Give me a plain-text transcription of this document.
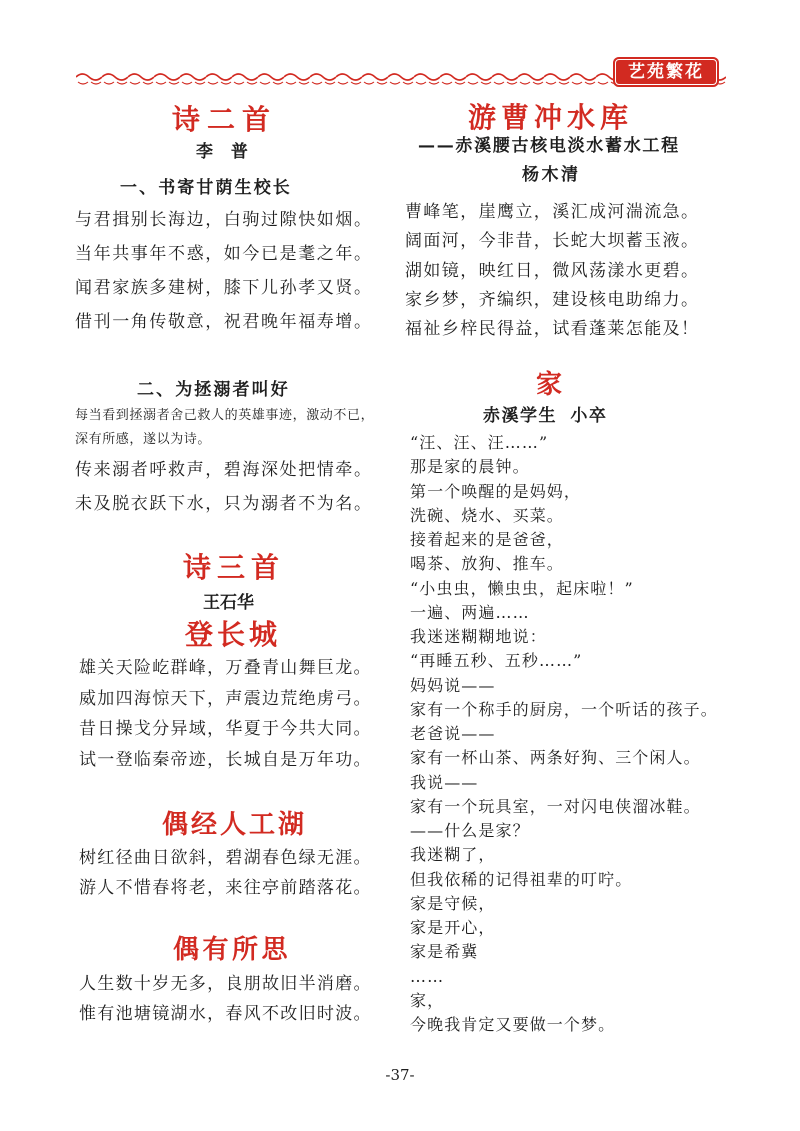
艺苑繁花
诗二首
李 普
一、书寄甘荫生校长
与君揖别长海边，白驹过隙快如烟。
当年共事年不惑，如今已是耄之年。
闻君家族多建树，膝下儿孙孝又贤。
借刊一角传敬意，祝君晚年福寿增。
二、为拯溺者叫好
每当看到拯溺者舍己救人的英雄事迹，激动不已，
深有所感，遂以为诗。
传来溺者呼救声，碧海深处把情牵。
未及脱衣跃下水，只为溺者不为名。
诗三首
王石华
登长城
雄关天险屹群峰，万叠青山舞巨龙。
威加四海惊天下，声震边荒绝虏弓。
昔日操戈分异域，华夏于今共大同。
试一登临秦帝迹，长城自是万年功。
偶经人工湖
树红径曲日欲斜，碧湖春色绿无涯。
游人不惜春将老，来往亭前踏落花。
偶有所思
人生数十岁无多，良朋故旧半消磨。
惟有池塘镜湖水，春风不改旧时波。
游曹冲水库
——赤溪腰古核电淡水蓄水工程
杨木清
曹峰笔，崖鹰立，溪汇成河湍流急。
阔面河，今非昔，长蛇大坝蓄玉液。
湖如镜，映红日，微风荡漾水更碧。
家乡梦，齐编织，建设核电助绵力。
福祉乡梓民得益，试看蓬莱怎能及！
家
赤溪学生 小卒
“汪、汪、汪……”
那是家的晨钟。
第一个唤醒的是妈妈，
洗碗、烧水、买菜。
接着起来的是爸爸，
喝茶、放狗、推车。
“小虫虫，懒虫虫，起床啦！”
一遍、两遍……
我迷迷糊糊地说：
“再睡五秒、五秒……”
妈妈说——
家有一个称手的厨房，一个听话的孩子。
老爸说——
家有一杯山茶、两条好狗、三个闲人。
我说——
家有一个玩具室，一对闪电侠溜冰鞋。
——什么是家？
我迷糊了，
但我依稀的记得祖辈的叮咛。
家是守候，
家是开心，
家是希冀
……
家，
今晚我肯定又要做一个梦。
-37-
